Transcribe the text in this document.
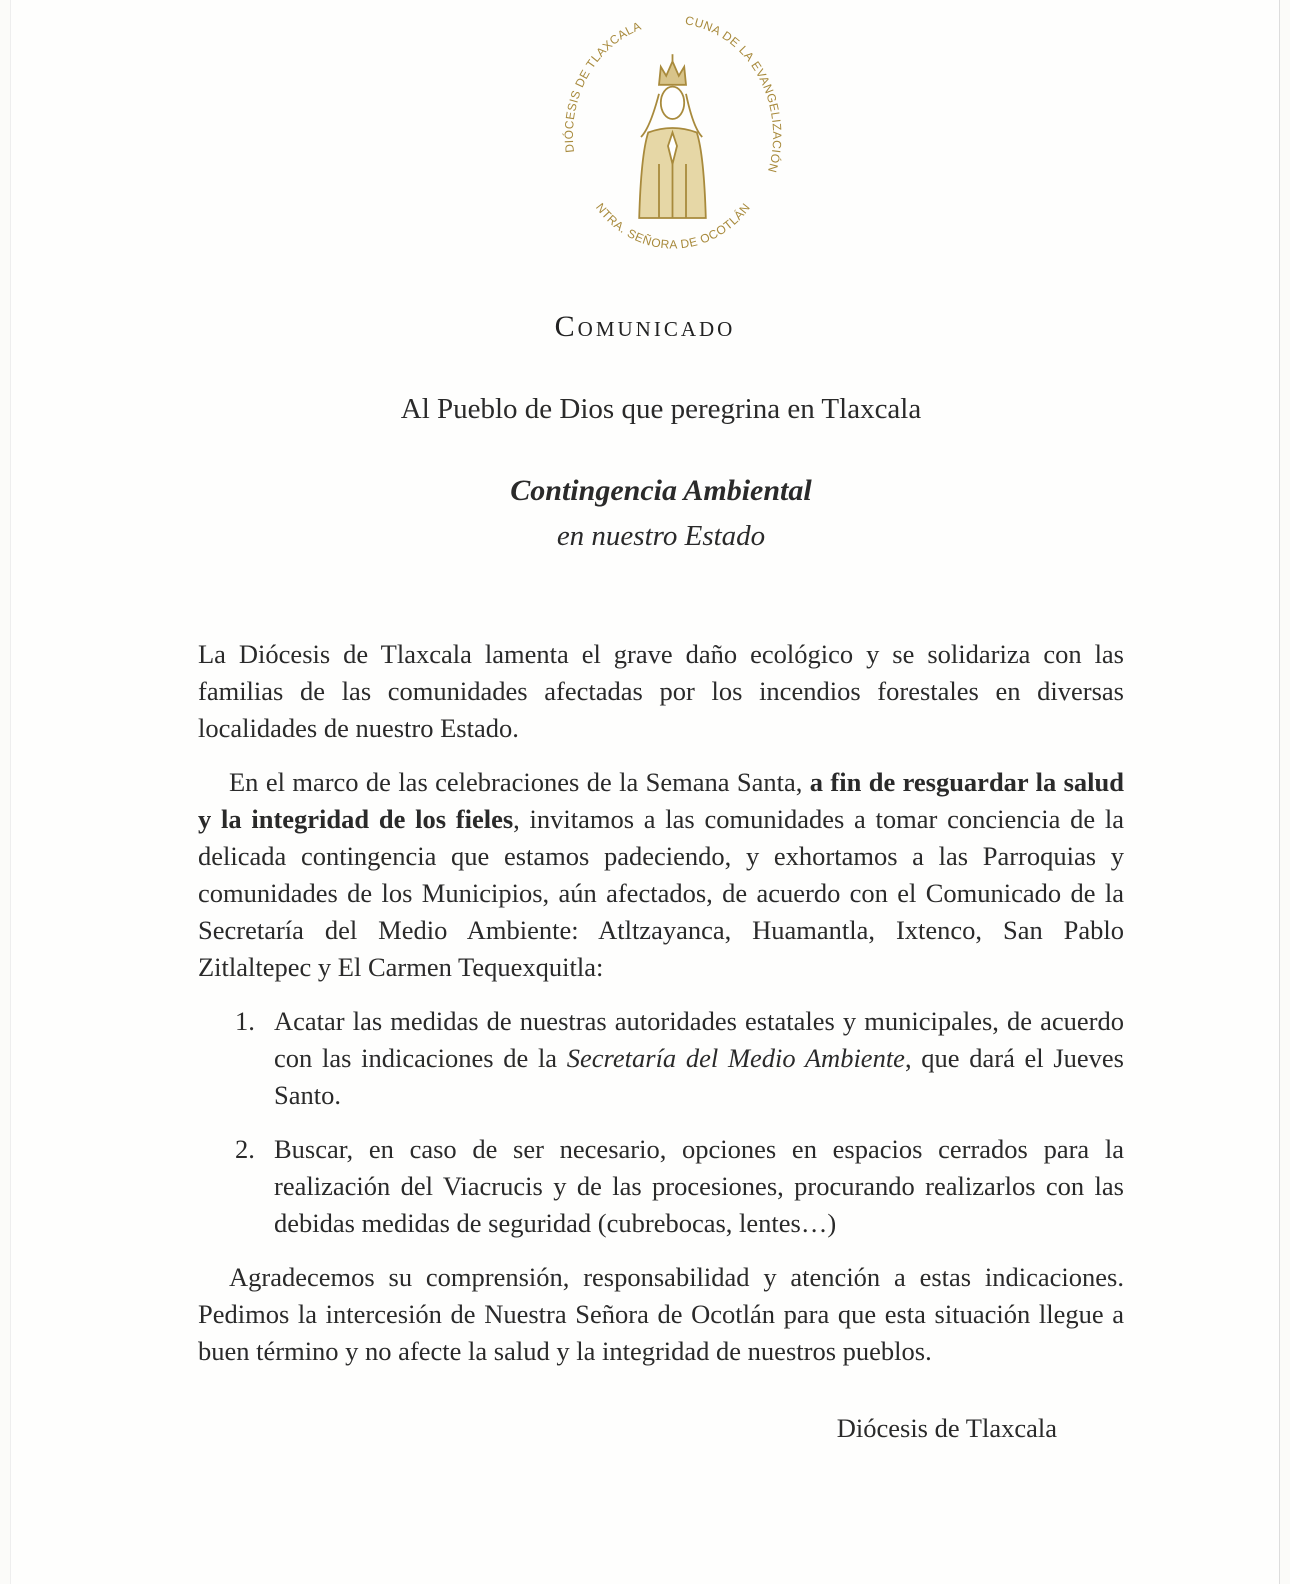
DIÓCESIS DE TLAXCALA	CUNA DE LA EVANGELIZACIÓN
NTRA. SEÑORA DE OCOTLÁN
Comunicado
Al Pueblo de Dios que peregrina en Tlaxcala
Contingencia Ambiental
en nuestro Estado

La Diócesis de Tlaxcala lamenta el grave daño ecológico y se solidariza con las familias de las comunidades afectadas por los incendios forestales en diversas localidades de nuestro Estado.

En el marco de las celebraciones de la Semana Santa, a fin de resguardar la salud y la integridad de los fieles, invitamos a las comunidades a tomar conciencia de la delicada contingencia que estamos padeciendo, y exhortamos a las Parroquias y comunidades de los Municipios, aún afectados, de acuerdo con el Comunicado de la Secretaría del Medio Ambiente: Atltzayanca, Huamantla, Ixtenco, San Pablo Zitlaltepec y El Carmen Tequexquitla:

1. Acatar las medidas de nuestras autoridades estatales y municipales, de acuerdo con las indicaciones de la Secretaría del Medio Ambiente, que dará el Jueves Santo.
2. Buscar, en caso de ser necesario, opciones en espacios cerrados para la realización del Viacrucis y de las procesiones, procurando realizarlos con las debidas medidas de seguridad (cubrebocas, lentes…)

Agradecemos su comprensión, responsabilidad y atención a estas indicaciones. Pedimos la intercesión de Nuestra Señora de Ocotlán para que esta situación llegue a buen término y no afecte la salud y la integridad de nuestros pueblos.

Diócesis de Tlaxcala
